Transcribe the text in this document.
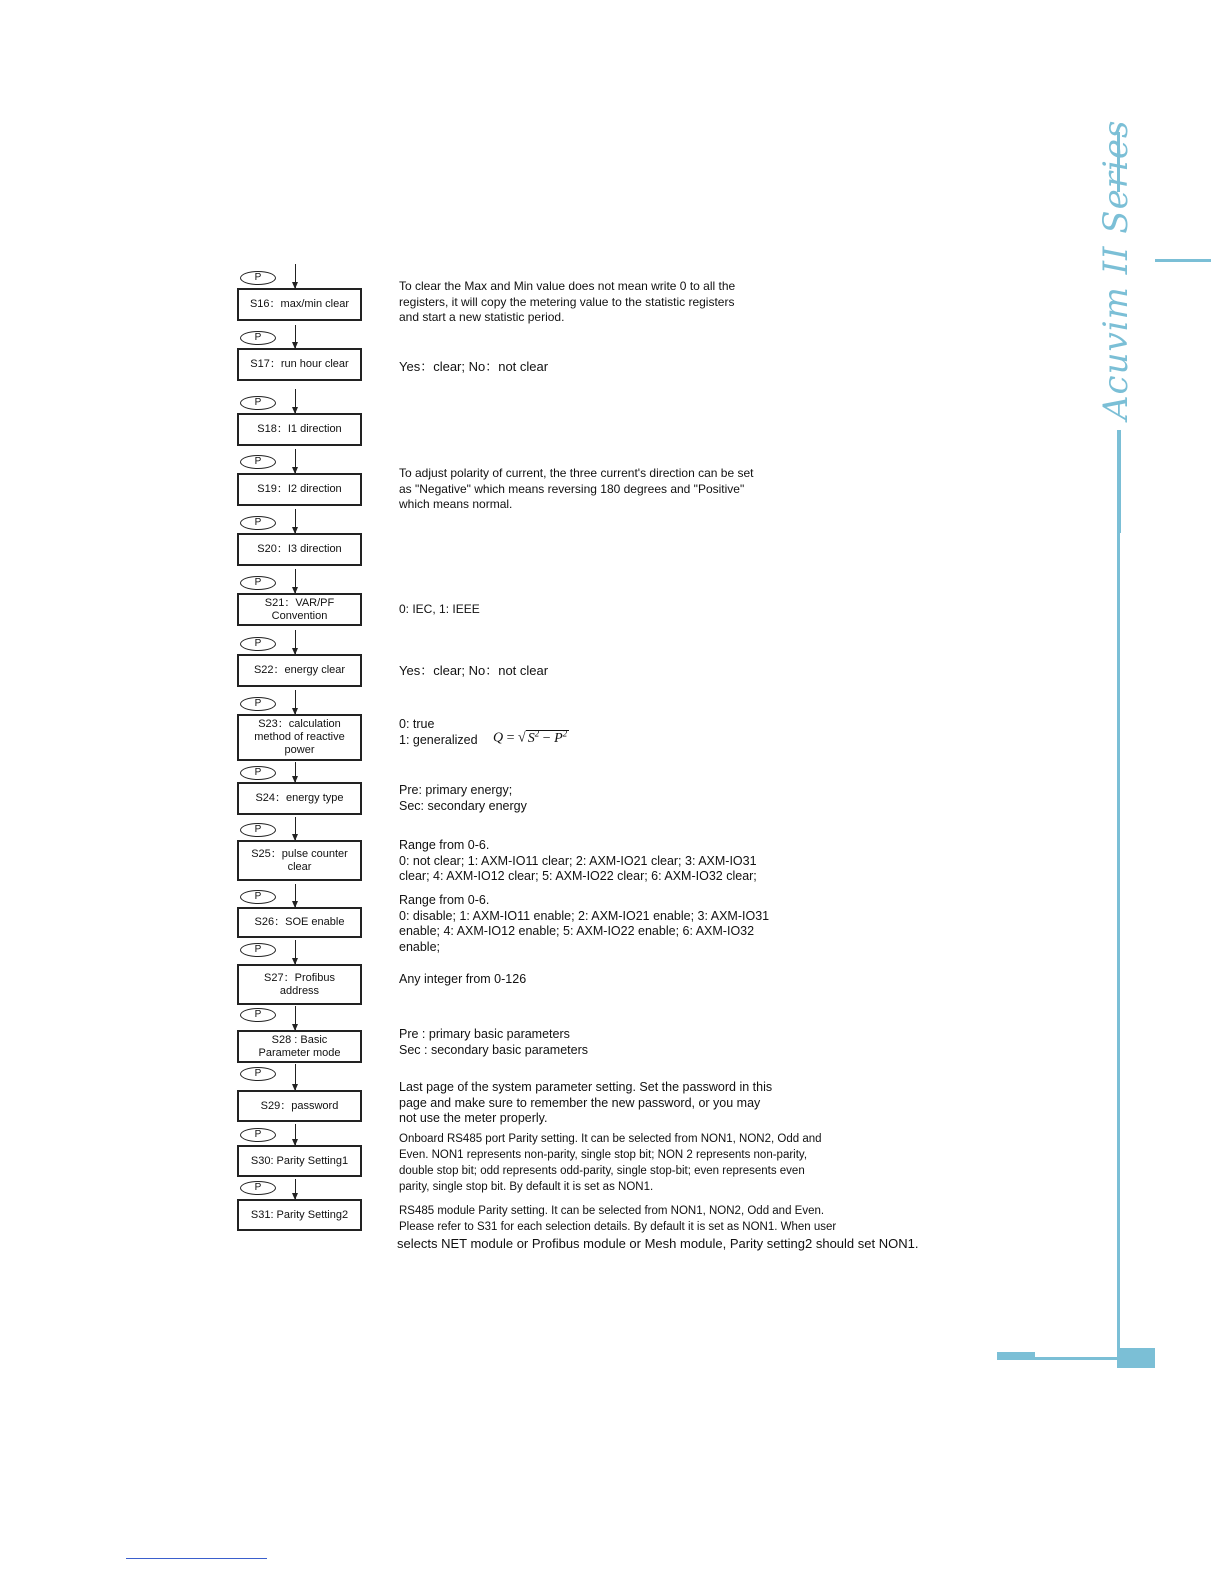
P
S16：max/min clear
P
S17：run hour clear
P
S18：I1 direction
P
S19：I2 direction
P
S20：I3 direction
P
S21：VAR/PF
Convention
P
S22：energy clear
P
S23：calculation
method of reactive
power
P
S24：energy type
P
S25：pulse counter
clear
P
S26：SOE enable
P
S27：Profibus
address
P
S28 : Basic
Parameter mode
P
S29：password
P
S30: Parity Setting1
P
S31: Parity Setting2
To clear the Max and Min value does not mean write 0 to all the
registers, it will copy the metering value to the statistic registers
and start a new statistic period.
Yes：clear; No：not clear
To adjust polarity of current, the three current's direction can be set
as "Negative" which means reversing 180 degrees and "Positive"
which means normal.
0: IEC, 1: IEEE
Yes：clear; No：not clear
0: true
1: generalized	Q = √ $S^2 - P^2$
Pre: primary energy;
Sec: secondary energy
Range from 0-6.
0: not clear; 1: AXM-IO11 clear; 2: AXM-IO21 clear; 3: AXM-IO31
clear; 4: AXM-IO12 clear; 5: AXM-IO22 clear; 6: AXM-IO32 clear;
Range from 0-6.
0: disable; 1: AXM-IO11 enable; 2: AXM-IO21 enable; 3: AXM-IO31
enable; 4: AXM-IO12 enable; 5: AXM-IO22 enable; 6: AXM-IO32
enable;
Any integer from 0-126
Pre : primary basic parameters
Sec : secondary basic parameters
Last page of the system parameter setting. Set the password in this
page and make sure to remember the new password, or you may
not use the meter properly.
Onboard RS485 port Parity setting. It can be selected from NON1, NON2, Odd and
Even. NON1 represents non-parity, single stop bit; NON 2 represents non-parity,
double stop bit; odd represents odd-parity, single stop-bit; even represents even
parity, single stop bit. By default it is set as NON1.
RS485 module Parity setting. It can be selected from NON1, NON2, Odd and Even.
Please refer to S31 for each selection details. By default it is set as NON1. When user
selects NET module or Profibus module or Mesh module, Parity setting2 should set NON1.
Acuvim II Series
